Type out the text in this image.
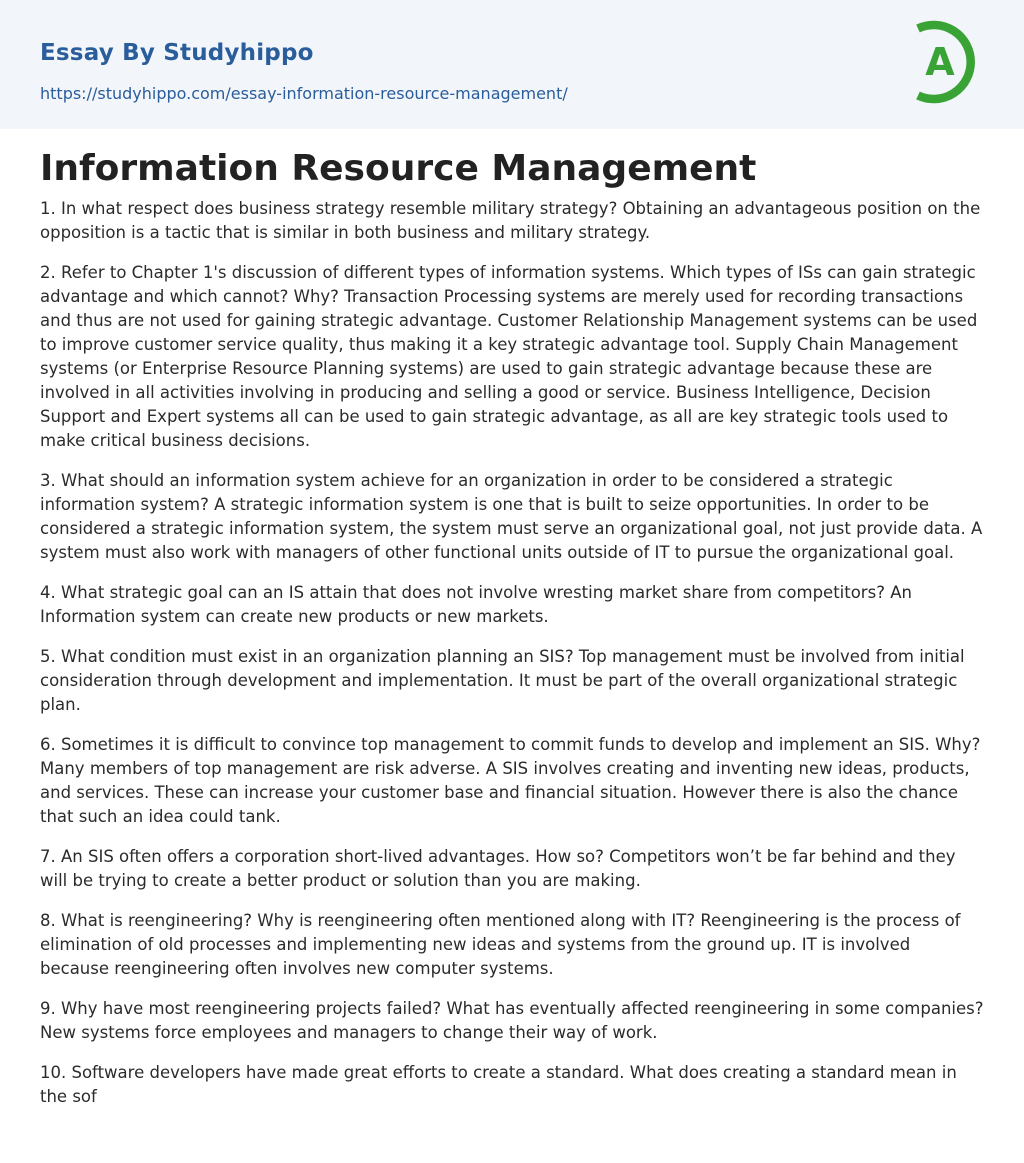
Essay By Studyhippo
https://studyhippo.com/essay-information-resource-management/
A
Information Resource Management

1. In what respect does business strategy resemble military strategy? Obtaining an advantageous position on the opposition is a tactic that is similar in both business and military strategy.

2. Refer to Chapter 1's discussion of different types of information systems. Which types of ISs can gain strategic advantage and which cannot? Why? Transaction Processing systems are merely used for recording transactions and thus are not used for gaining strategic advantage. Customer Relationship Management systems can be used to improve customer service quality, thus making it a key strategic advantage tool. Supply Chain Management systems (or Enterprise Resource Planning systems) are used to gain strategic advantage because these are involved in all activities involving in producing and selling a good or service. Business Intelligence, Decision Support and Expert systems all can be used to gain strategic advantage, as all are key strategic tools used to make critical business decisions.

3. What should an information system achieve for an organization in order to be considered a strategic information system? A strategic information system is one that is built to seize opportunities. In order to be considered a strategic information system, the system must serve an organizational goal, not just provide data. A system must also work with managers of other functional units outside of IT to pursue the organizational goal.

4. What strategic goal can an IS attain that does not involve wresting market share from competitors? An Information system can create new products or new markets.

5. What condition must exist in an organization planning an SIS? Top management must be involved from initial consideration through development and implementation. It must be part of the overall organizational strategic plan.

6. Sometimes it is difficult to convince top management to commit funds to develop and implement an SIS. Why? Many members of top management are risk adverse. A SIS involves creating and inventing new ideas, products, and services. These can increase your customer base and financial situation. However there is also the chance that such an idea could tank.

7. An SIS often offers a corporation short-lived advantages. How so? Competitors won’t be far behind and they will be trying to create a better product or solution than you are making.

8. What is reengineering? Why is reengineering often mentioned along with IT? Reengineering is the process of elimination of old processes and implementing new ideas and systems from the ground up. IT is involved because reengineering often involves new computer systems.

9. Why have most reengineering projects failed? What has eventually affected reengineering in some companies? New systems force employees and managers to change their way of work.

10. Software developers have made great efforts to create a standard. What does creating a standard mean in the sof
